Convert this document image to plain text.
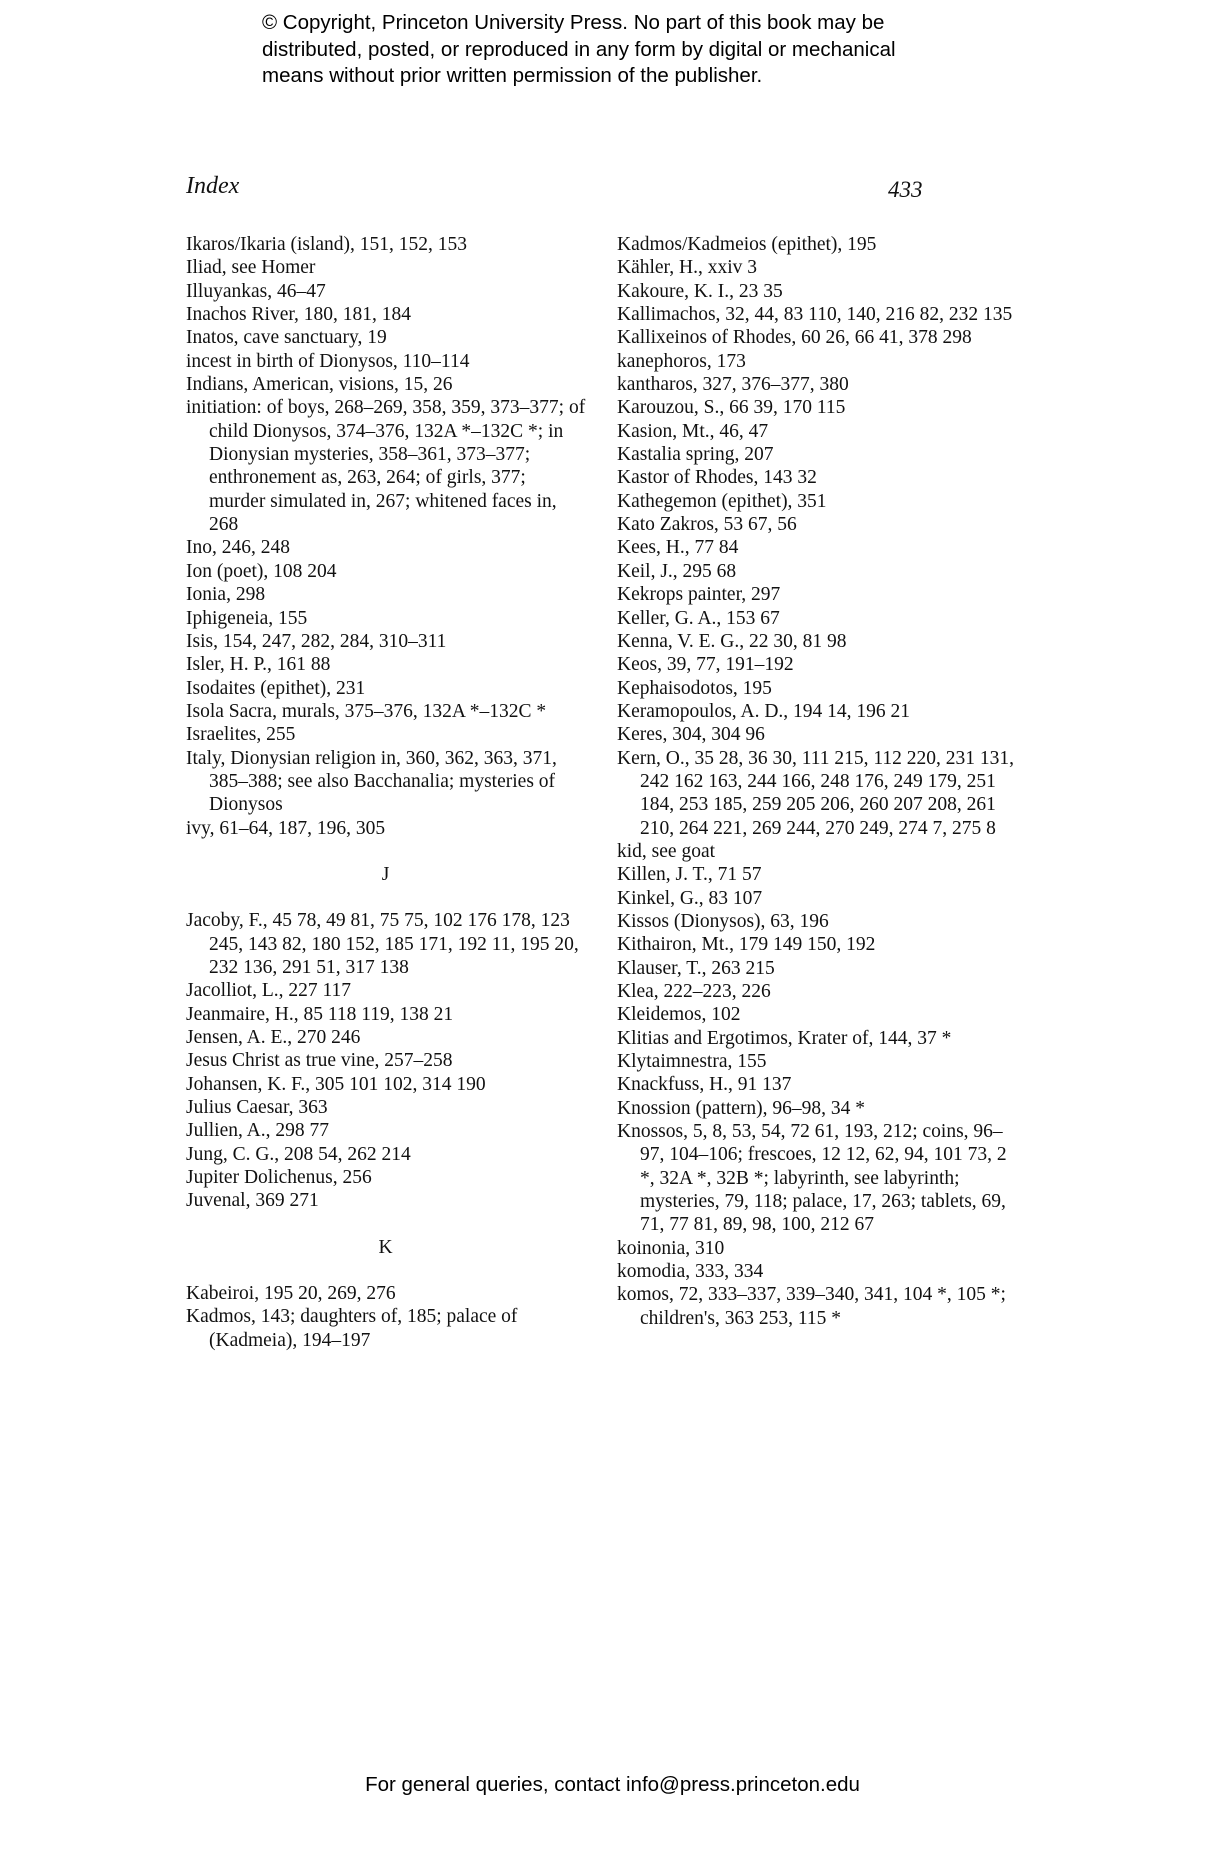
© Copyright, Princeton University Press. No part of this book may be
distributed, posted, or reproduced in any form by digital or mechanical
means without prior written permission of the publisher.
Index	433

Ikaros/Ikaria (island), 151, 152, 153

Iliad, see Homer

Illuyankas, 46–47

Inachos River, 180, 181, 184

Inatos, cave sanctuary, 19

incest in birth of Dionysos, 110–114

Indians, American, visions, 15, 26

initiation: of boys, 268–269, 358, 359, 373–377; of child Dionysos, 374–376, 132A *–132C *; in Dionysian mysteries, 358–361, 373–377; enthronement as, 263, 264; of girls, 377; murder simulated in, 267; whitened faces in, 268

Ino, 246, 248

Ion (poet), 108 204

Ionia, 298

Iphigeneia, 155

Isis, 154, 247, 282, 284, 310–311

Isler, H. P., 161 88

Isodaites (epithet), 231

Isola Sacra, murals, 375–376, 132A *–132C *

Israelites, 255

Italy, Dionysian religion in, 360, 362, 363, 371, 385–388; see also Bacchanalia; mysteries of Dionysos

ivy, 61–64, 187, 196, 305

J

Jacoby, F., 45 78, 49 81, 75 75, 102 176 178, 123 245, 143 82, 180 152, 185 171, 192 11, 195 20, 232 136, 291 51, 317 138

Jacolliot, L., 227 117

Jeanmaire, H., 85 118 119, 138 21

Jensen, A. E., 270 246

Jesus Christ as true vine, 257–258

Johansen, K. F., 305 101 102, 314 190

Julius Caesar, 363

Jullien, A., 298 77

Jung, C. G., 208 54, 262 214

Jupiter Dolichenus, 256

Juvenal, 369 271

K

Kabeiroi, 195 20, 269, 276

Kadmos, 143; daughters of, 185; palace of (Kadmeia), 194–197

Kadmos/Kadmeios (epithet), 195

Kähler, H., xxiv 3

Kakoure, K. I., 23 35

Kallimachos, 32, 44, 83 110, 140, 216 82, 232 135

Kallixeinos of Rhodes, 60 26, 66 41, 378 298

kanephoros, 173

kantharos, 327, 376–377, 380

Karouzou, S., 66 39, 170 115

Kasion, Mt., 46, 47

Kastalia spring, 207

Kastor of Rhodes, 143 32

Kathegemon (epithet), 351

Kato Zakros, 53 67, 56

Kees, H., 77 84

Keil, J., 295 68

Kekrops painter, 297

Keller, G. A., 153 67

Kenna, V. E. G., 22 30, 81 98

Keos, 39, 77, 191–192

Kephaisodotos, 195

Keramopoulos, A. D., 194 14, 196 21

Keres, 304, 304 96

Kern, O., 35 28, 36 30, 111 215, 112 220, 231 131, 242 162 163, 244 166, 248 176, 249 179, 251 184, 253 185, 259 205 206, 260 207 208, 261 210, 264 221, 269 244, 270 249, 274 7, 275 8

kid, see goat

Killen, J. T., 71 57

Kinkel, G., 83 107

Kissos (Dionysos), 63, 196

Kithairon, Mt., 179 149 150, 192

Klauser, T., 263 215

Klea, 222–223, 226

Kleidemos, 102

Klitias and Ergotimos, Krater of, 144, 37 *

Klytaimnestra, 155

Knackfuss, H., 91 137

Knossion (pattern), 96–98, 34 *

Knossos, 5, 8, 53, 54, 72 61, 193, 212; coins, 96–97, 104–106; frescoes, 12 12, 62, 94, 101 73, 2 *, 32A *, 32B *; labyrinth, see labyrinth; mysteries, 79, 118; palace, 17, 263; tablets, 69, 71, 77 81, 89, 98, 100, 212 67

koinonia, 310

komodia, 333, 334

komos, 72, 333–337, 339–340, 341, 104 *, 105 *; children's, 363 253, 115 *

For general queries, contact info@press.princeton.edu
